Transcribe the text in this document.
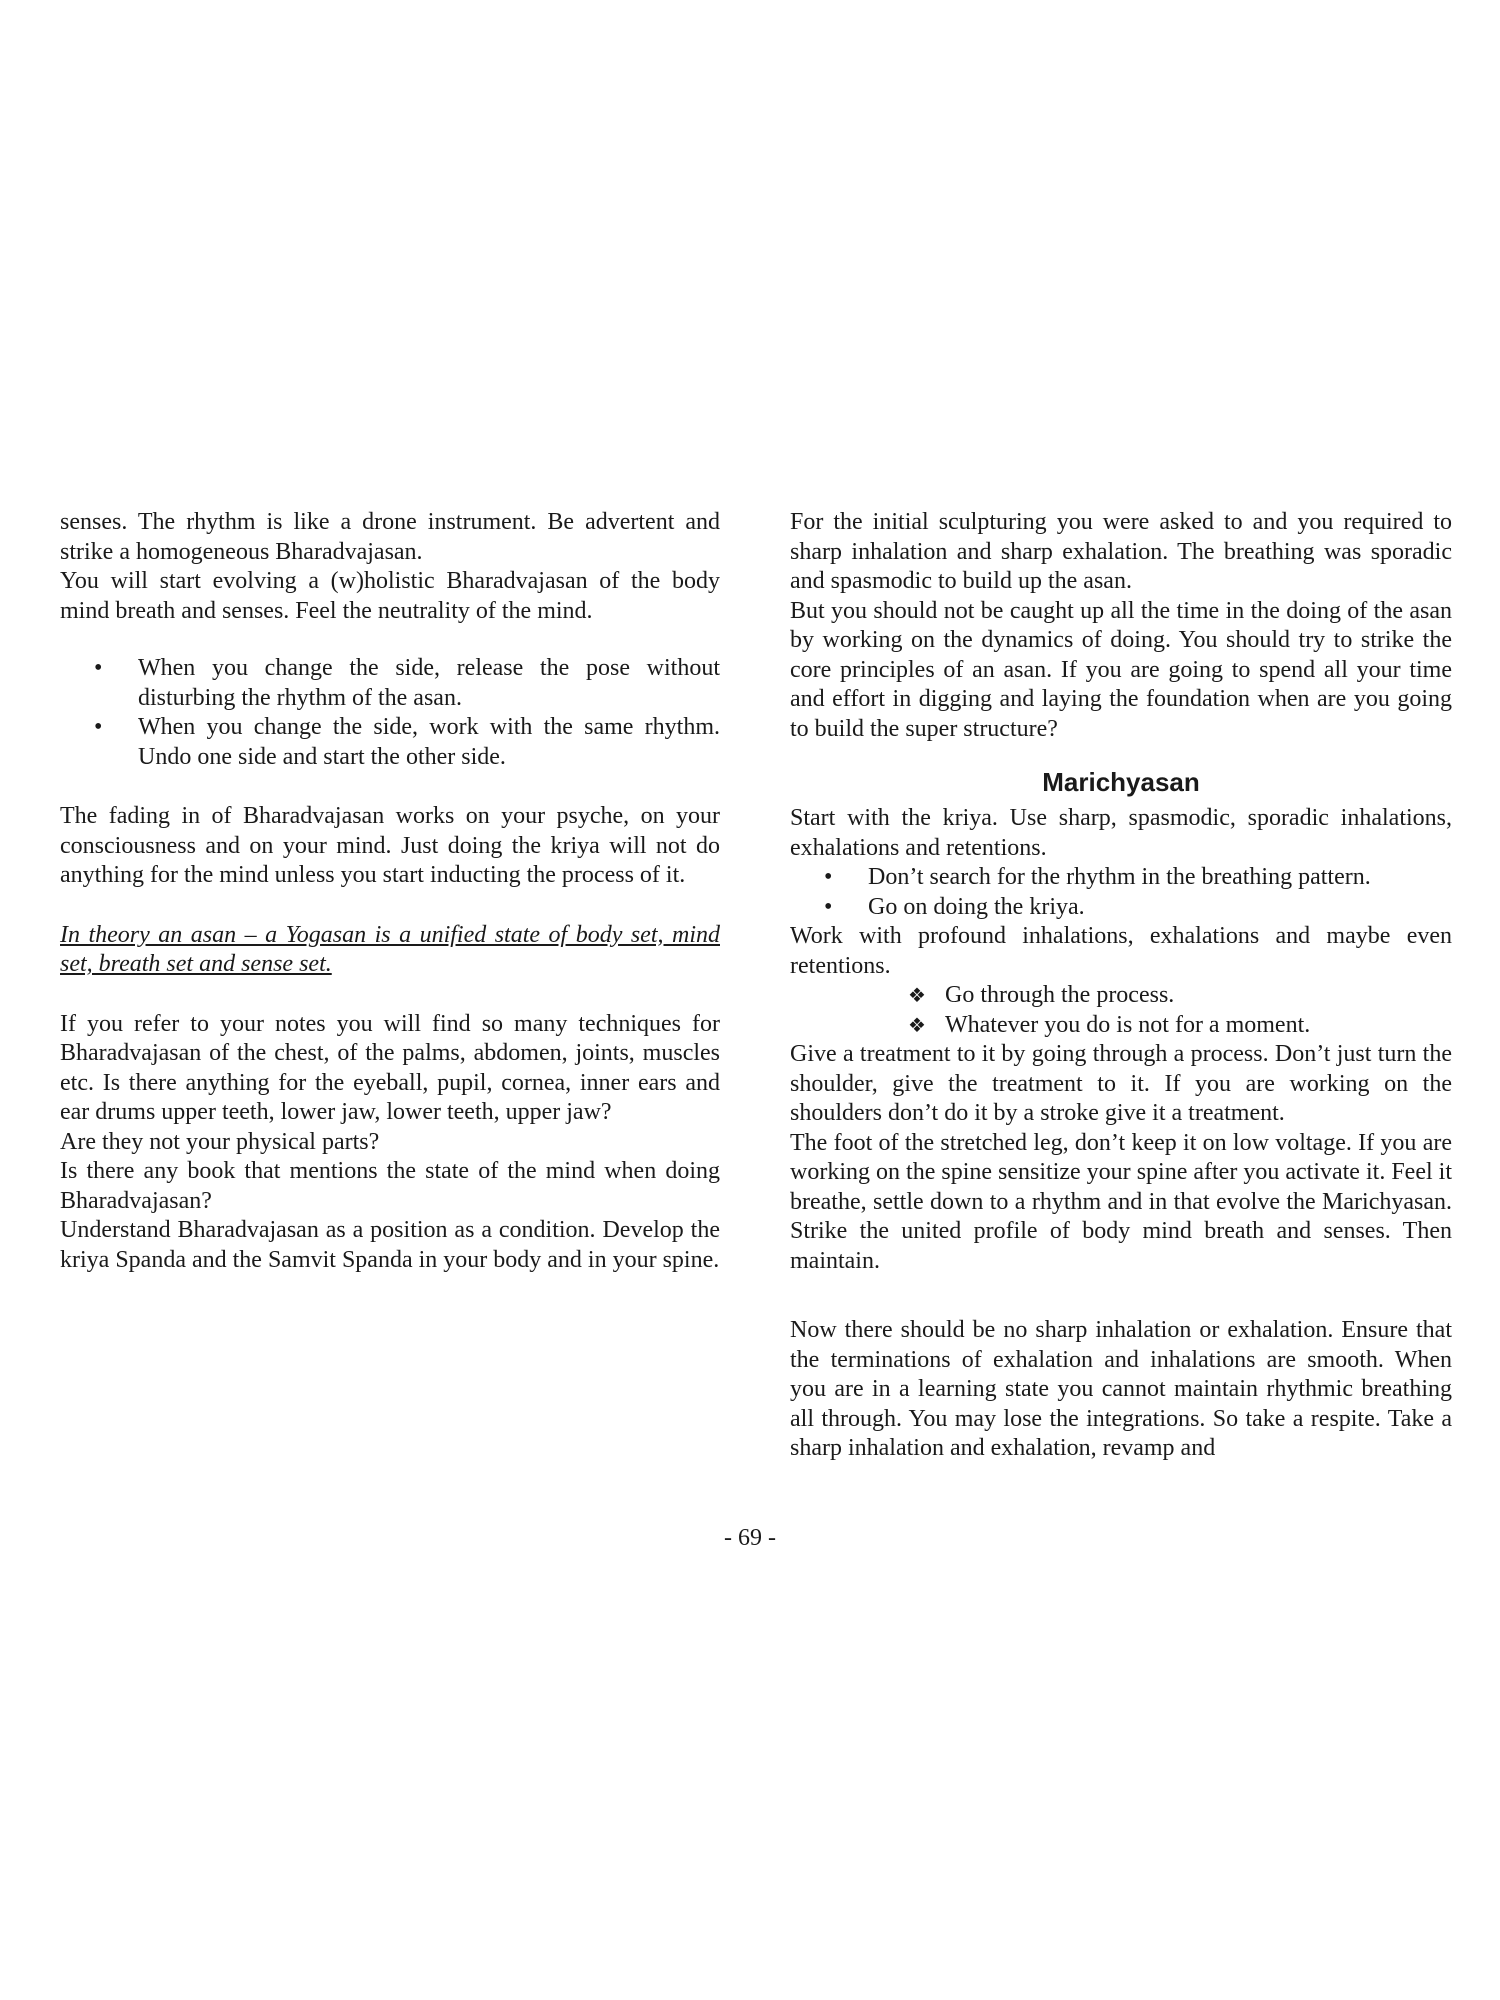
senses. The rhythm is like a drone instrument. Be advertent and strike a homogeneous Bharadvajasan.

You will start evolving a (w)holistic Bharadvajasan of the body mind breath and senses. Feel the neutrality of the mind.

• When you change the side, release the pose without disturbing the rhythm of the asan.
• When you change the side, work with the same rhythm. Undo one side and start the other side.

The fading in of Bharadvajasan works on your psyche, on your consciousness and on your mind. Just doing the kriya will not do anything for the mind unless you start inducting the process of it.

In theory an asan – a Yogasan is a unified state of body set, mind set, breath set and sense set.

If you refer to your notes you will find so many techniques for Bharadvajasan of the chest, of the palms, abdomen, joints, muscles etc. Is there anything for the eyeball, pupil, cornea, inner ears and ear drums upper teeth, lower jaw, lower teeth, upper jaw?

Are they not your physical parts?

Is there any book that mentions the state of the mind when doing Bharadvajasan?

Understand Bharadvajasan as a position as a condition. Develop the kriya Spanda and the Samvit Spanda in your body and in your spine.

For the initial sculpturing you were asked to and you required to sharp inhalation and sharp exhalation. The breathing was sporadic and spasmodic to build up the asan.

But you should not be caught up all the time in the doing of the asan by working on the dynamics of doing. You should try to strike the core principles of an asan. If you are going to spend all your time and effort in digging and laying the foundation when are you going to build the super structure?

Marichyasan

Start with the kriya. Use sharp, spasmodic, sporadic inhalations, exhalations and retentions.

• Don’t search for the rhythm in the breathing pattern.
• Go on doing the kriya.

Work with profound inhalations, exhalations and maybe even retentions.

❖ Go through the process.
❖ Whatever you do is not for a moment.

Give a treatment to it by going through a process. Don’t just turn the shoulder, give the treatment to it. If you are working on the shoulders don’t do it by a stroke give it a treatment.

The foot of the stretched leg, don’t keep it on low voltage. If you are working on the spine sensitize your spine after you activate it. Feel it breathe, settle down to a rhythm and in that evolve the Marichyasan. Strike the united profile of body mind breath and senses. Then maintain.

Now there should be no sharp inhalation or exhalation. Ensure that the terminations of exhalation and inhalations are smooth. When you are in a learning state you cannot maintain rhythmic breathing all through. You may lose the integrations. So take a respite. Take a sharp inhalation and exhalation, revamp and

- 69 -
